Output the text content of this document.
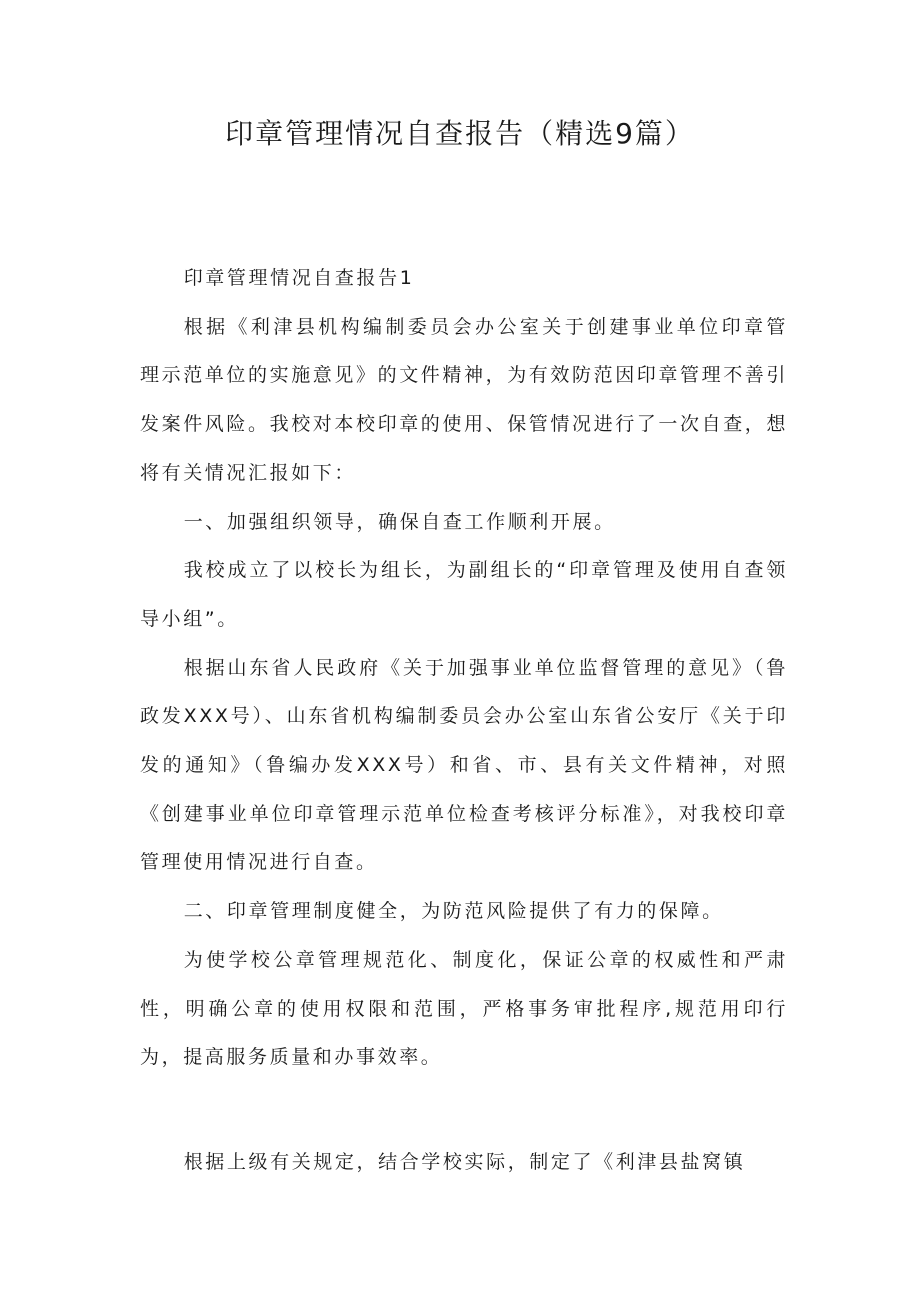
印章管理情况自查报告（精选9篇）

印章管理情况自查报告1

根据《利津县机构编制委员会办公室关于创建事业单位印章管理示范单位的实施意见》的文件精神，为有效防范因印章管理不善引发案件风险。我校对本校印章的使用、保管情况进行了一次自查，想将有关情况汇报如下：

一、加强组织领导，确保自查工作顺利开展。

我校成立了以校长为组长，为副组长的“印章管理及使用自查领导小组”。

根据山东省人民政府《关于加强事业单位监督管理的意见》（鲁政发XXX号）、山东省机构编制委员会办公室山东省公安厅《关于印发的通知》（鲁编办发XXX号）和省、市、县有关文件精神，对照《创建事业单位印章管理示范单位检查考核评分标准》，对我校印章管理使用情况进行自查。

二、印章管理制度健全，为防范风险提供了有力的保障。

为使学校公章管理规范化、制度化，保证公章的权威性和严肃性，明确公章的使用权限和范围，严格事务审批程序,规范用印行为，提高服务质量和办事效率。

根据上级有关规定，结合学校实际，制定了《利津县盐窝镇
